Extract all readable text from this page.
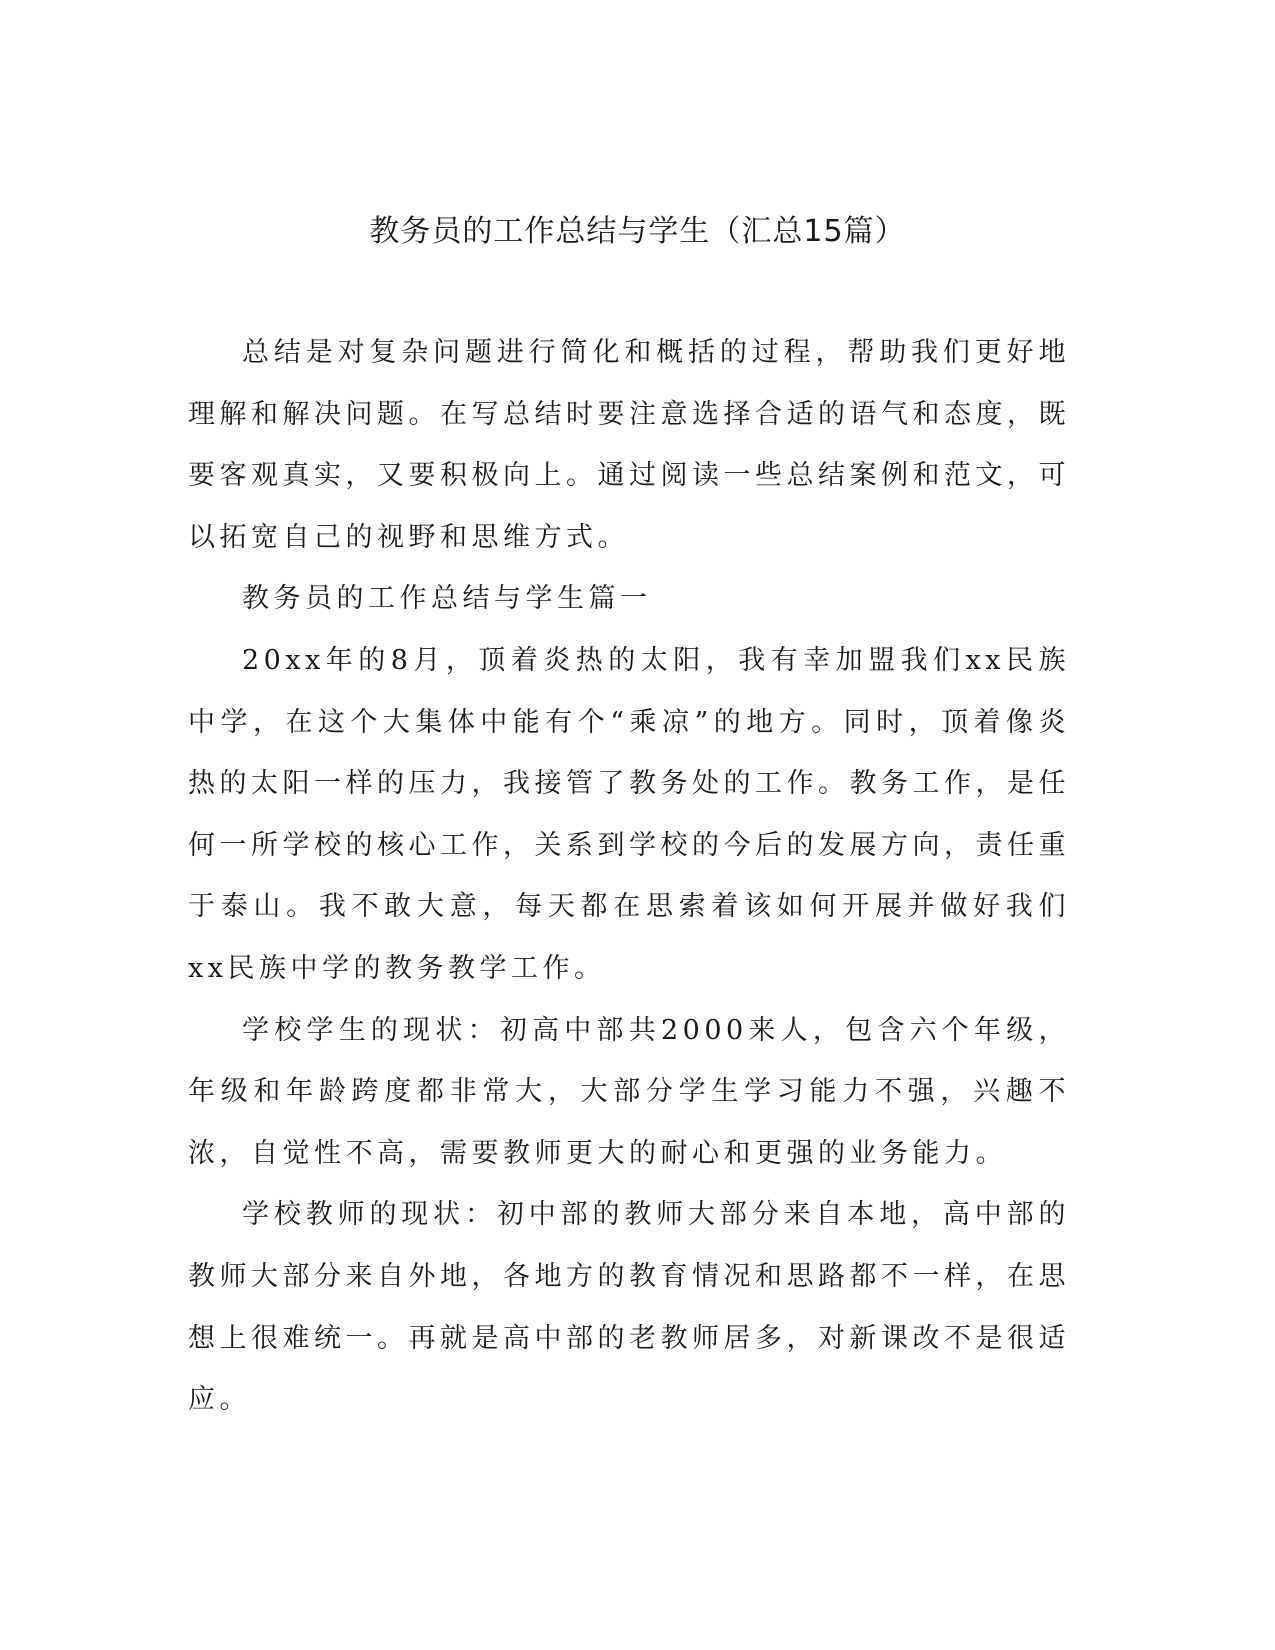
教务员的工作总结与学生（汇总15篇）

总结是对复杂问题进行简化和概括的过程，帮助我们更好地理解和解决问题。在写总结时要注意选择合适的语气和态度，既要客观真实，又要积极向上。通过阅读一些总结案例和范文，可以拓宽自己的视野和思维方式。

教务员的工作总结与学生篇一

20xx年的8月，顶着炎热的太阳，我有幸加盟我们xx民族中学，在这个大集体中能有个“乘凉”的地方。同时，顶着像炎热的太阳一样的压力，我接管了教务处的工作。教务工作，是任何一所学校的核心工作，关系到学校的今后的发展方向，责任重于泰山。我不敢大意，每天都在思索着该如何开展并做好我们xx民族中学的教务教学工作。

学校学生的现状：初高中部共2000来人，包含六个年级，年级和年龄跨度都非常大，大部分学生学习能力不强，兴趣不浓，自觉性不高，需要教师更大的耐心和更强的业务能力。

学校教师的现状：初中部的教师大部分来自本地，高中部的教师大部分来自外地，各地方的教育情况和思路都不一样，在思想上很难统一。再就是高中部的老教师居多，对新课改不是很适应。
